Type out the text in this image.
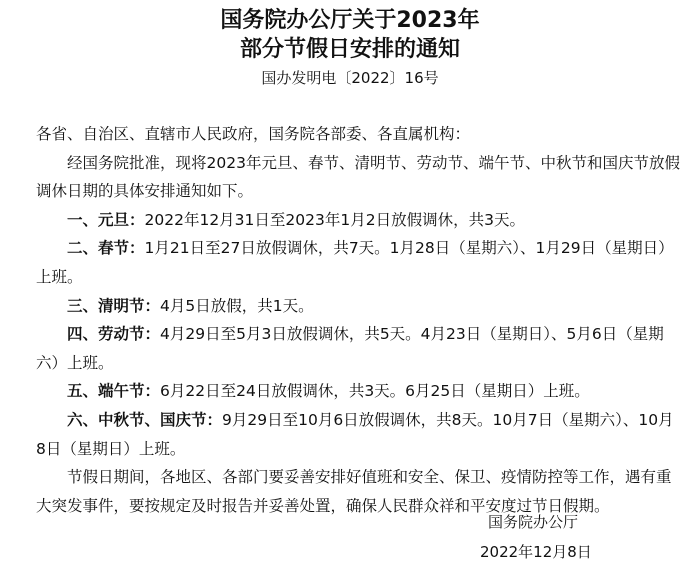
国务院办公厅关于2023年
部分节假日安排的通知
国办发明电〔2022〕16号

各省、自治区、直辖市人民政府，国务院各部委、各直属机构：

经国务院批准，现将2023年元旦、春节、清明节、劳动节、端午节、中秋节和国庆节放假调休日期的具体安排通知如下。

一、元旦：2022年12月31日至2023年1月2日放假调休，共3天。

二、春节：1月21日至27日放假调休，共7天。1月28日（星期六）、1月29日（星期日）上班。

三、清明节：4月5日放假，共1天。

四、劳动节：4月29日至5月3日放假调休，共5天。4月23日（星期日）、5月6日（星期六）上班。

五、端午节：6月22日至24日放假调休，共3天。6月25日（星期日）上班。

六、中秋节、国庆节：9月29日至10月6日放假调休，共8天。10月7日（星期六）、10月8日（星期日）上班。

节假日期间，各地区、各部门要妥善安排好值班和安全、保卫、疫情防控等工作，遇有重大突发事件，要按规定及时报告并妥善处置，确保人民群众祥和平安度过节日假期。

国务院办公厅
2022年12月8日
